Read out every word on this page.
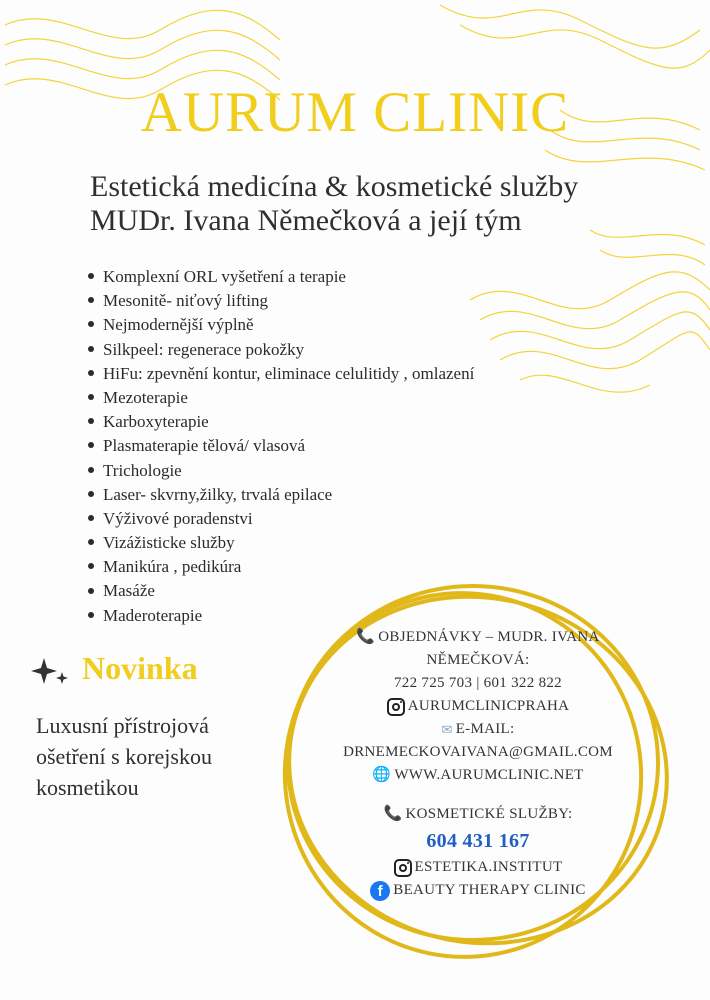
AURUM CLINIC
Estetická medicína & kosmetické služby
MUDr. Ivana Němečková a její tým
Komplexní ORL vyšetření a terapie
Mesonitě- niťový lifting
Nejmodernější výplně
Silkpeel: regenerace pokožky
HiFu: zpevnění kontur, eliminace celulitidy , omlazení
Mezoterapie
Karboxyterapie
Plasmaterapie tělová/ vlasová
Trichologie
Laser- skvrny,žilky, trvalá epilace
Výživové poradenstvi
Vizážisticke služby
Manikúra , pedikúra
Masáže
Maderoterapie
Novinka
Luxusní přístrojová ošetření s korejskou kosmetikou
📞 OBJEDNÁVKY – MUDR. IVANA
NĚMEČKOVÁ:
722 725 703 | 601 322 822
AURUMCLINICPRAHA
✉ E-MAIL:
DRNEMECKOVAIVANA@GMAIL.COM
🌐 WWW.AURUMCLINIC.NET
📞 KOSMETICKÉ SLUŽBY:
604 431 167
ESTETIKA.INSTITUT
f BEAUTY THERAPY CLINIC
